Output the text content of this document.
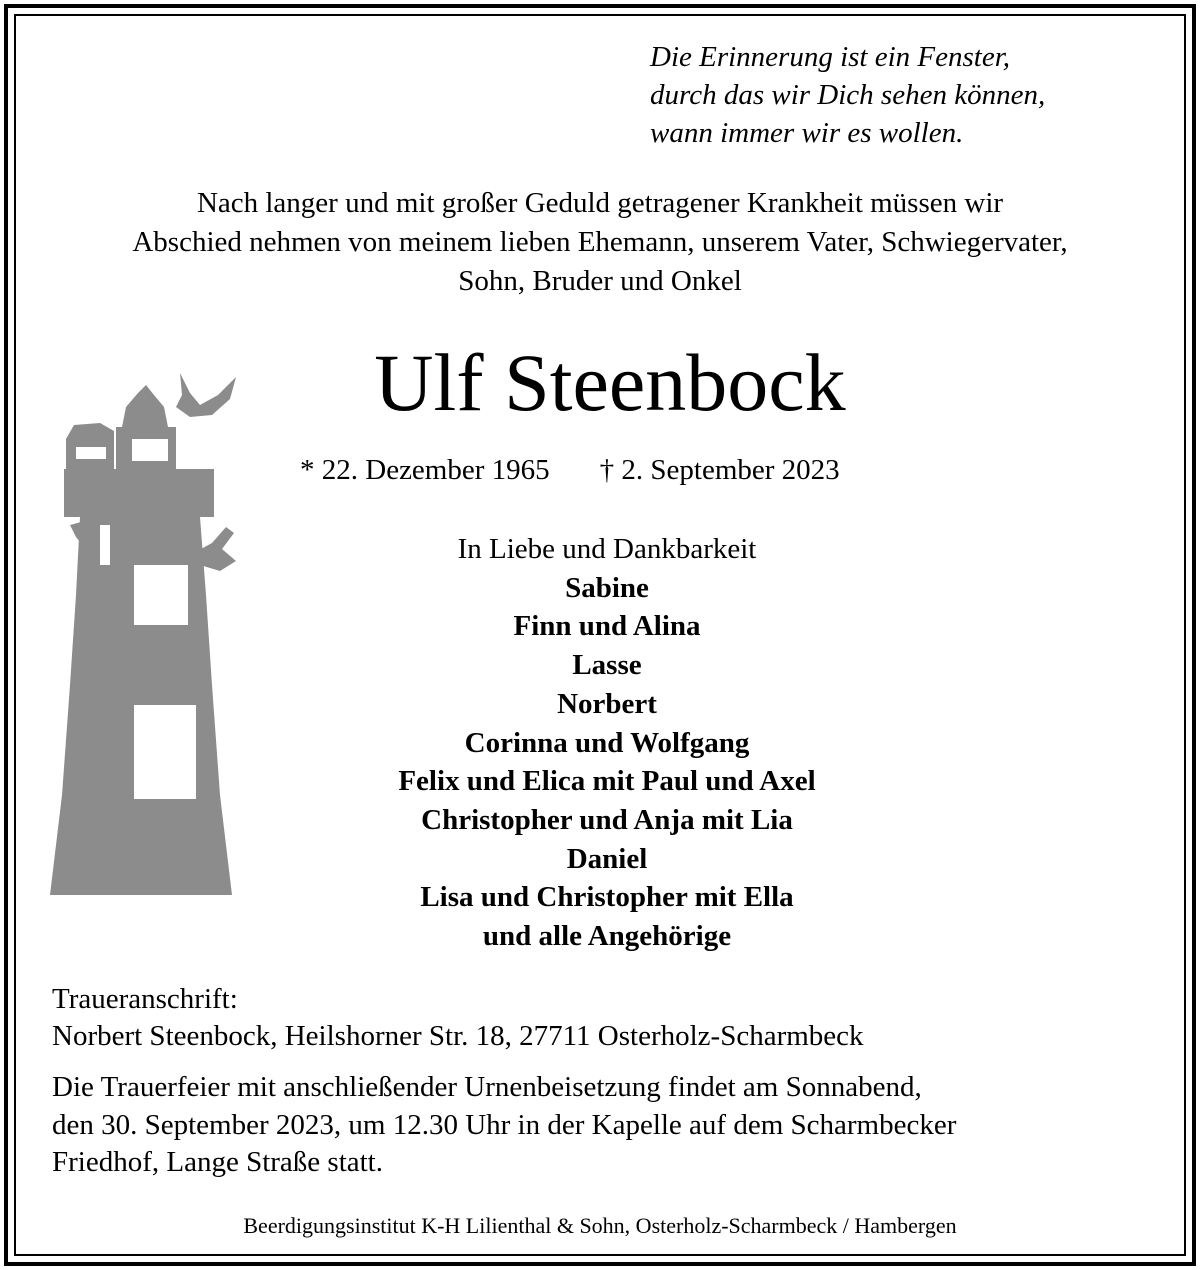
Die Erinnerung ist ein Fenster,
durch das wir Dich sehen können,
wann immer wir es wollen.
Nach langer und mit großer Geduld getragener Krankheit müssen wir
Abschied nehmen von meinem lieben Ehemann, unserem Vater, Schwiegervater,
Sohn, Bruder und Onkel
Ulf Steenbock
* 22. Dezember 1965 † 2. September 2023
In Liebe und Dankbarkeit
Sabine
Finn und Alina
Lasse
Norbert
Corinna und Wolfgang
Felix und Elica mit Paul und Axel
Christopher und Anja mit Lia
Daniel
Lisa und Christopher mit Ella
und alle Angehörige
Traueranschrift:
Norbert Steenbock, Heilshorner Str. 18, 27711 Osterholz-Scharmbeck
Die Trauerfeier mit anschließender Urnenbeisetzung findet am Sonnabend,
den 30. September 2023, um 12.30 Uhr in der Kapelle auf dem Scharmbecker
Friedhof, Lange Straße statt.
Beerdigungsinstitut K-H Lilienthal & Sohn, Osterholz-Scharmbeck / Hambergen
